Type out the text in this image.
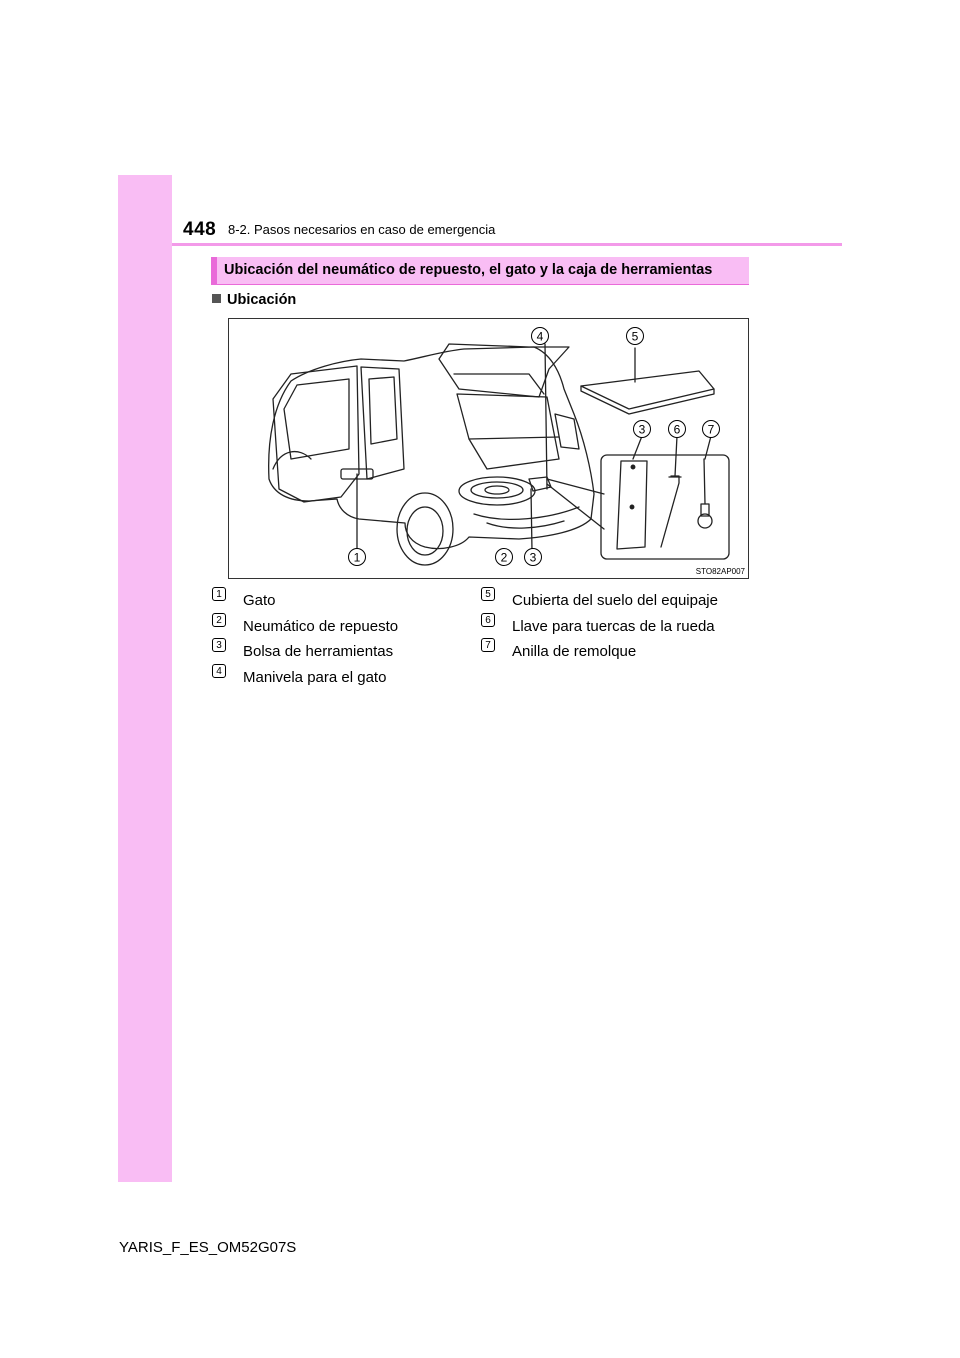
448 8-2. Pasos necesarios en caso de emergencia
Ubicación del neumático de repuesto, el gato y la caja de herramientas
Ubicación
4	5
3 6 7
1	2 3
STO82AP007
1 Gato
2 Neumático de repuesto
3 Bolsa de herramientas
4 Manivela para el gato
5 Cubierta del suelo del equipaje
6 Llave para tuercas de la rueda
7 Anilla de remolque
YARIS_F_ES_OM52G07S
